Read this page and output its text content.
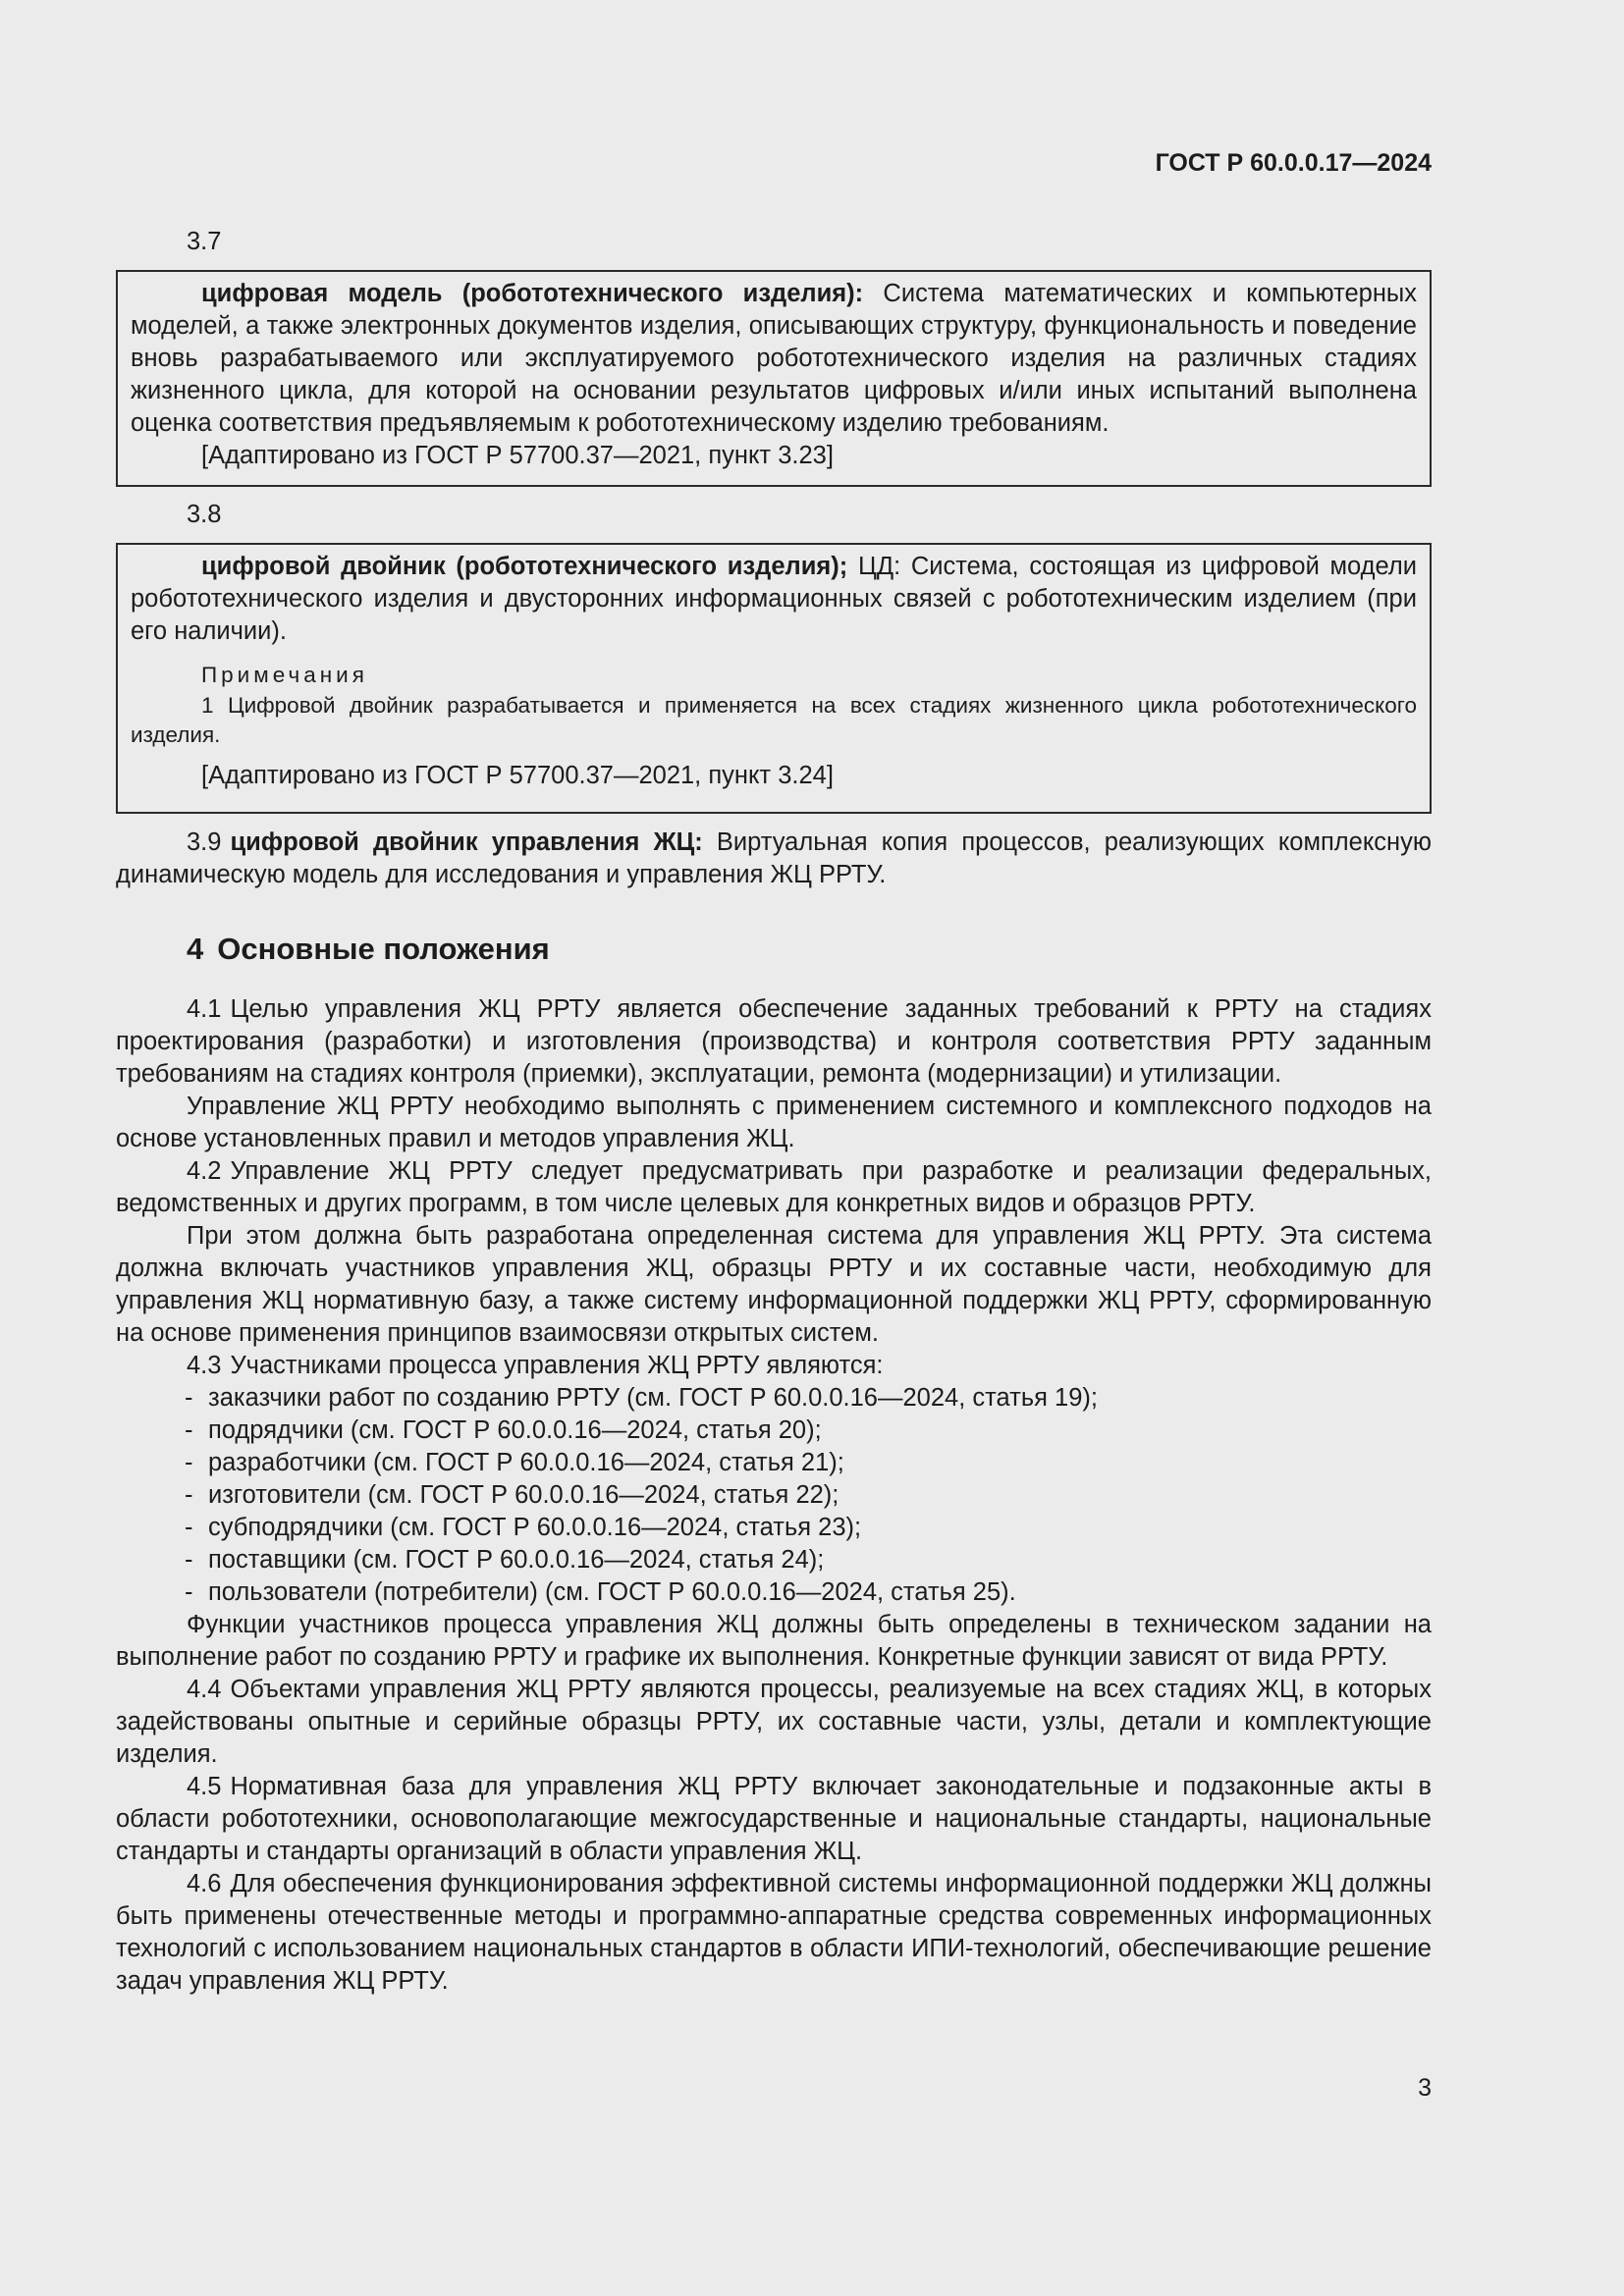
ГОСТ Р 60.0.0.17—2024
3.7

цифровая модель (робототехнического изделия): Система математических и компьютерных моделей, а также электронных документов изделия, описывающих структуру, функциональность и поведение вновь разрабатываемого или эксплуатируемого робототехнического изделия на различных стадиях жизненного цикла, для которой на основании результатов цифровых и/или иных испытаний выполнена оценка соответствия предъявляемым к робототехническому изделию требованиям.

[Адаптировано из ГОСТ Р 57700.37—2021, пункт 3.23]

3.8

цифровой двойник (робототехнического изделия); ЦД: Система, состоящая из цифровой модели робототехнического изделия и двусторонних информационных связей с робототехническим изделием (при его наличии).

Примечания

1 Цифровой двойник разрабатывается и применяется на всех стадиях жизненного цикла робототехнического изделия.

[Адаптировано из ГОСТ Р 57700.37—2021, пункт 3.24]

3.9 цифровой двойник управления ЖЦ: Виртуальная копия процессов, реализующих комплексную динамическую модель для исследования и управления ЖЦ РРТУ.

4 Основные положения

4.1 Целью управления ЖЦ РРТУ является обеспечение заданных требований к РРТУ на стадиях проектирования (разработки) и изготовления (производства) и контроля соответствия РРТУ заданным требованиям на стадиях контроля (приемки), эксплуатации, ремонта (модернизации) и утилизации.

Управление ЖЦ РРТУ необходимо выполнять с применением системного и комплексного подходов на основе установленных правил и методов управления ЖЦ.

4.2 Управление ЖЦ РРТУ следует предусматривать при разработке и реализации федеральных, ведомственных и других программ, в том числе целевых для конкретных видов и образцов РРТУ.

При этом должна быть разработана определенная система для управления ЖЦ РРТУ. Эта система должна включать участников управления ЖЦ, образцы РРТУ и их составные части, необходимую для управления ЖЦ нормативную базу, а также систему информационной поддержки ЖЦ РРТУ, сформированную на основе применения принципов взаимосвязи открытых систем.

4.3 Участниками процесса управления ЖЦ РРТУ являются:

- заказчики работ по созданию РРТУ (см. ГОСТ Р 60.0.0.16—2024, статья 19);

- подрядчики (см. ГОСТ Р 60.0.0.16—2024, статья 20);

- разработчики (см. ГОСТ Р 60.0.0.16—2024, статья 21);

- изготовители (см. ГОСТ Р 60.0.0.16—2024, статья 22);

- субподрядчики (см. ГОСТ Р 60.0.0.16—2024, статья 23);

- поставщики (см. ГОСТ Р 60.0.0.16—2024, статья 24);

- пользователи (потребители) (см. ГОСТ Р 60.0.0.16—2024, статья 25).

Функции участников процесса управления ЖЦ должны быть определены в техническом задании на выполнение работ по созданию РРТУ и графике их выполнения. Конкретные функции зависят от вида РРТУ.

4.4 Объектами управления ЖЦ РРТУ являются процессы, реализуемые на всех стадиях ЖЦ, в которых задействованы опытные и серийные образцы РРТУ, их составные части, узлы, детали и комплектующие изделия.

4.5 Нормативная база для управления ЖЦ РРТУ включает законодательные и подзаконные акты в области робототехники, основополагающие межгосударственные и национальные стандарты, национальные стандарты и стандарты организаций в области управления ЖЦ.

4.6 Для обеспечения функционирования эффективной системы информационной поддержки ЖЦ должны быть применены отечественные методы и программно-аппаратные средства современных информационных технологий с использованием национальных стандартов в области ИПИ-технологий, обеспечивающие решение задач управления ЖЦ РРТУ.

3
